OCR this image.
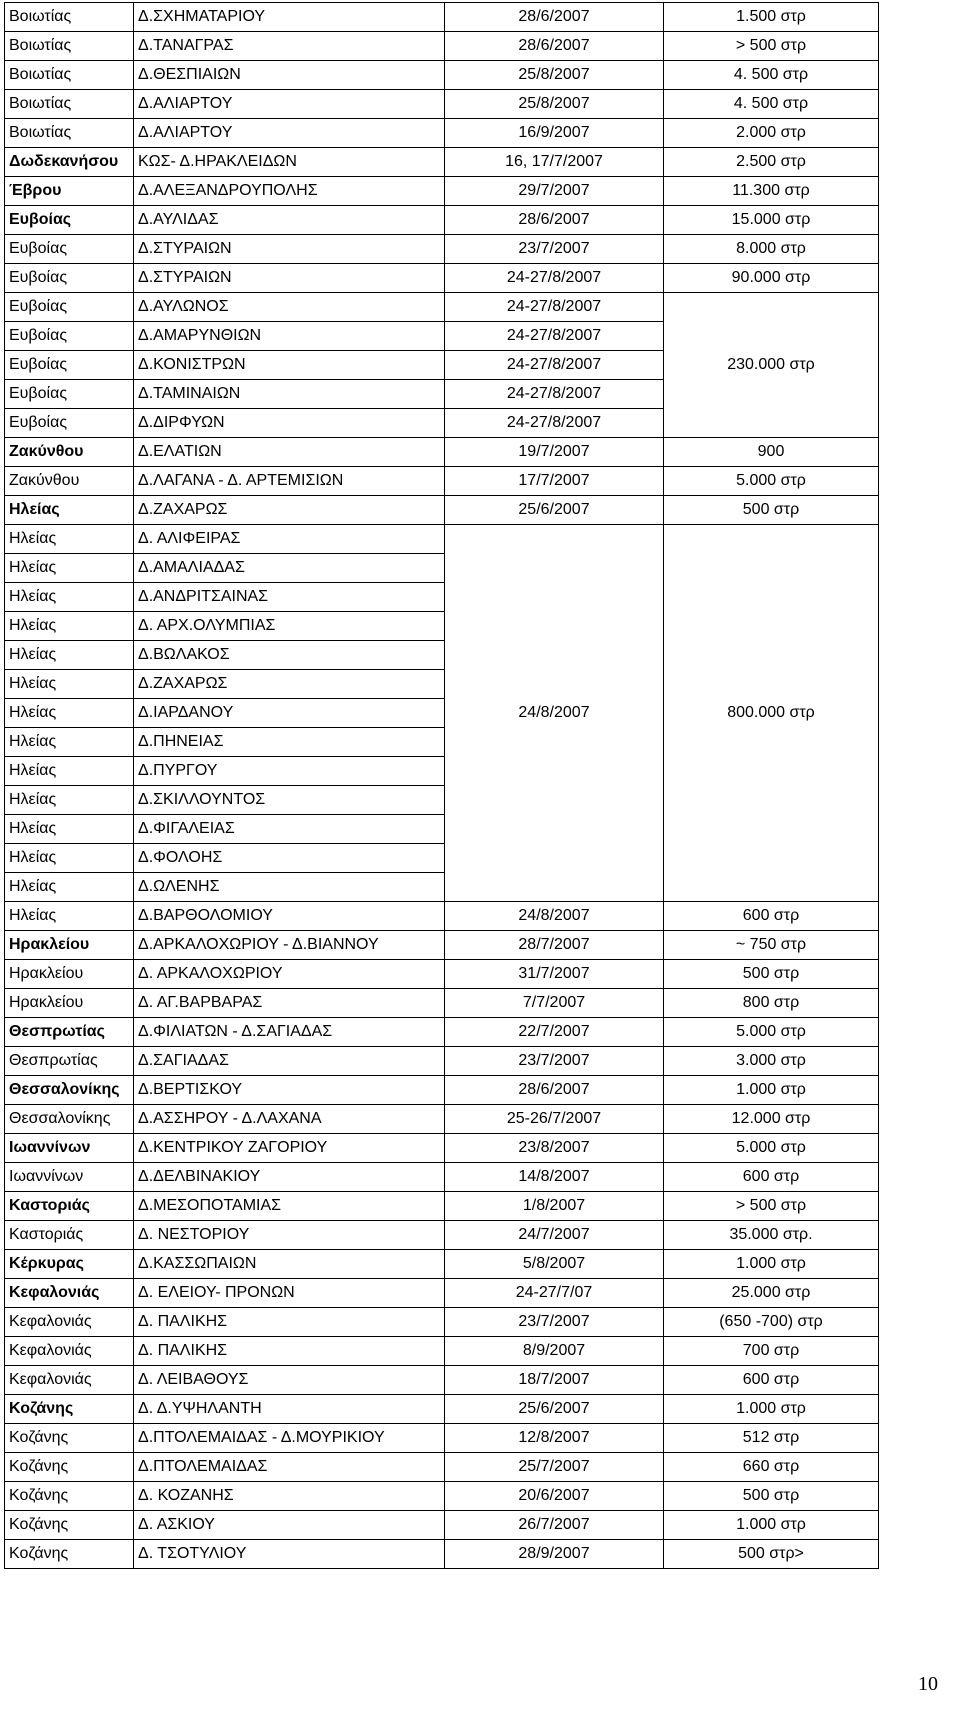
Βοιωτίας	Δ.ΣΧΗΜΑΤΑΡΙΟΥ	28/6/2007	1.500 στρ
Βοιωτίας	Δ.ΤΑΝΑΓΡΑΣ	28/6/2007	> 500 στρ
Βοιωτίας	Δ.ΘΕΣΠΙΑΙΩΝ	25/8/2007	4. 500 στρ
Βοιωτίας	Δ.ΑΛΙΑΡΤΟΥ	25/8/2007	4. 500 στρ
Βοιωτίας	Δ.ΑΛΙΑΡΤΟΥ	16/9/2007	2.000 στρ
Δωδεκανήσου	ΚΩΣ- Δ.ΗΡΑΚΛΕΙΔΩΝ	16, 17/7/2007	2.500 στρ
Έβρου	Δ.ΑΛΕΞΑΝΔΡΟΥΠΟΛΗΣ	29/7/2007	11.300 στρ
Ευβοίας	Δ.ΑΥΛΙΔΑΣ	28/6/2007	15.000 στρ
Ευβοίας	Δ.ΣΤΥΡΑΙΩΝ	23/7/2007	8.000 στρ
Ευβοίας	Δ.ΣΤΥΡΑΙΩΝ	24-27/8/2007	90.000 στρ
Ευβοίας	Δ.ΑΥΛΩΝΟΣ	24-27/8/2007	230.000 στρ
Ευβοίας	Δ.ΑΜΑΡΥΝΘΙΩΝ	24-27/8/2007	
Ευβοίας	Δ.ΚΟΝΙΣΤΡΩΝ	24-27/8/2007	
Ευβοίας	Δ.ΤΑΜΙΝΑΙΩΝ	24-27/8/2007	
Ευβοίας	Δ.ΔΙΡΦΥΩΝ	24-27/8/2007	
Ζακύνθου	Δ.ΕΛΑΤΙΩΝ	19/7/2007	900
Ζακύνθου	Δ.ΛΑΓΑΝΑ - Δ. ΑΡΤΕΜΙΣΙΩΝ	17/7/2007	5.000 στρ
Ηλείας	Δ.ΖΑΧΑΡΩΣ	25/6/2007	500 στρ
Ηλείας	Δ. ΑΛΙΦΕΙΡΑΣ	24/8/2007	800.000 στρ
Ηλείας	Δ.ΑΜΑΛΙΑΔΑΣ		
Ηλείας	Δ.ΑΝΔΡΙΤΣΑΙΝΑΣ		
Ηλείας	Δ. ΑΡΧ.ΟΛΥΜΠΙΑΣ		
Ηλείας	Δ.ΒΩΛΑΚΟΣ		
Ηλείας	Δ.ΖΑΧΑΡΩΣ		
Ηλείας	Δ.ΙΑΡΔΑΝΟΥ		
Ηλείας	Δ.ΠΗΝΕΙΑΣ		
Ηλείας	Δ.ΠΥΡΓΟΥ		
Ηλείας	Δ.ΣΚΙΛΛΟΥΝΤΟΣ		
Ηλείας	Δ.ΦΙΓΑΛΕΙΑΣ		
Ηλείας	Δ.ΦΟΛΟΗΣ		
Ηλείας	Δ.ΩΛΕΝΗΣ		
Ηλείας	Δ.ΒΑΡΘΟΛΟΜΙΟΥ	24/8/2007	600 στρ
Ηρακλείου	Δ.ΑΡΚΑΛΟΧΩΡΙΟΥ - Δ.ΒΙΑΝΝΟΥ	28/7/2007	~ 750 στρ
Ηρακλείου	Δ. ΑΡΚΑΛΟΧΩΡΙΟΥ	31/7/2007	500 στρ
Ηρακλείου	Δ. ΑΓ.ΒΑΡΒΑΡΑΣ	7/7/2007	800 στρ
Θεσπρωτίας	Δ.ΦΙΛΙΑΤΩΝ - Δ.ΣΑΓΙΑΔΑΣ	22/7/2007	5.000 στρ
Θεσπρωτίας	Δ.ΣΑΓΙΑΔΑΣ	23/7/2007	3.000 στρ
Θεσσαλονίκης	Δ.ΒΕΡΤΙΣΚΟΥ	28/6/2007	1.000 στρ
Θεσσαλονίκης	Δ.ΑΣΣΗΡΟΥ - Δ.ΛΑΧΑΝΑ	25-26/7/2007	12.000 στρ
Ιωαννίνων	Δ.ΚΕΝΤΡΙΚΟΥ ΖΑΓΟΡΙΟΥ	23/8/2007	5.000 στρ
Ιωαννίνων	Δ.ΔΕΛΒΙΝΑΚΙΟΥ	14/8/2007	600 στρ
Καστοριάς	Δ.ΜΕΣΟΠΟΤΑΜΙΑΣ	1/8/2007	> 500 στρ
Καστοριάς	Δ. ΝΕΣΤΟΡΙΟΥ	24/7/2007	35.000 στρ.
Κέρκυρας	Δ.ΚΑΣΣΩΠΑΙΩΝ	5/8/2007	1.000 στρ
Κεφαλονιάς	Δ. ΕΛΕΙΟΥ- ΠΡΟΝΩΝ	24-27/7/07	25.000 στρ
Κεφαλονιάς	Δ. ΠΑΛΙΚΗΣ	23/7/2007	(650 -700) στρ
Κεφαλονιάς	Δ. ΠΑΛΙΚΗΣ	8/9/2007	700 στρ
Κεφαλονιάς	Δ. ΛΕΙΒΑΘΟΥΣ	18/7/2007	600 στρ
Κοζάνης	Δ. Δ.ΥΨΗΛΑΝΤΗ	25/6/2007	1.000 στρ
Κοζάνης	Δ.ΠΤΟΛΕΜΑΙΔΑΣ - Δ.ΜΟΥΡΙΚΙΟΥ	12/8/2007	512 στρ
Κοζάνης	Δ.ΠΤΟΛΕΜΑΙΔΑΣ	25/7/2007	660 στρ
Κοζάνης	Δ. ΚΟΖΑΝΗΣ	20/6/2007	500 στρ
Κοζάνης	Δ. ΑΣΚΙΟΥ	26/7/2007	1.000 στρ
Κοζάνης	Δ. ΤΣΟΤΥΛΙΟΥ	28/9/2007	500 στρ>
10
